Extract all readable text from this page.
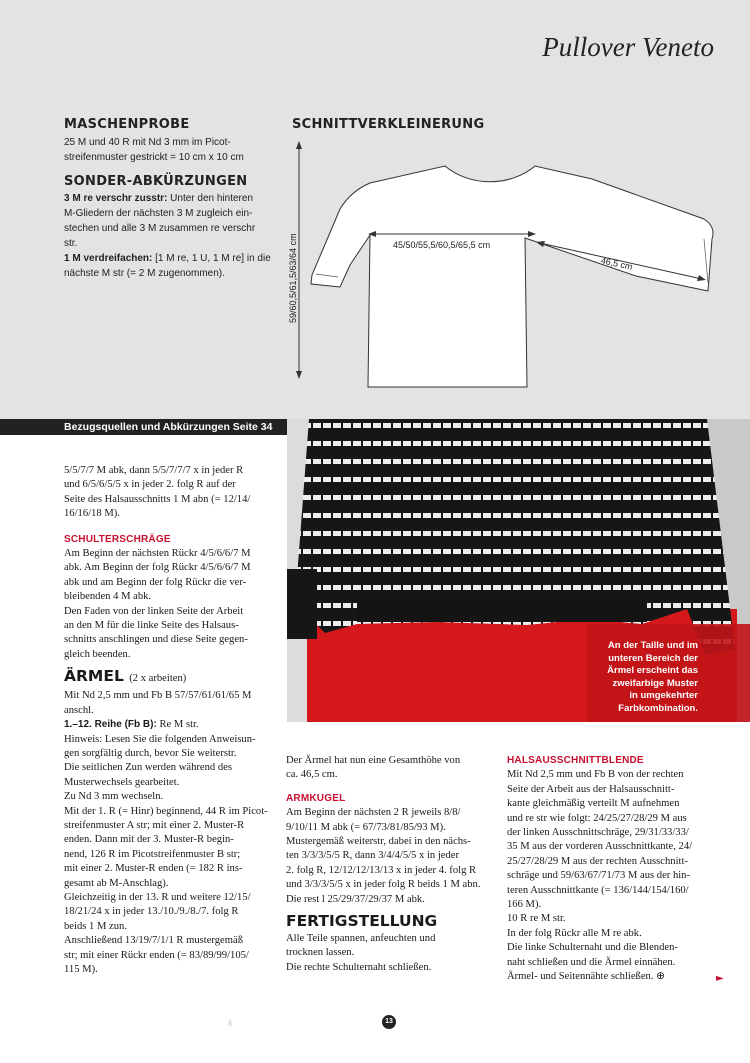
Pullover Veneto
MASCHENPROBE
25 M und 40 R mit Nd 3 mm im Picot-
streifenmuster gestrickt = 10 cm x 10 cm
SONDER-ABKÜRZUNGEN
3 M re verschr zusstr: Unter den hinteren
M-Gliedern der nächsten 3 M zugleich ein-
stechen und alle 3 M zusammen re verschr
str.
1 M verdreifachen: [1 M re, 1 U, 1 M re] in die
nächste M str (= 2 M zugenommen).
SCHNITTVERKLEINERUNG
45/50/55,5/60,5/65,5 cm
46,5 cm
59/60,5/61,5/63/64 cm
Bezugsquellen und Abkürzungen Seite 34
An der Taille und im
unteren Bereich der
Ärmel erscheint das
zweifarbige Muster
in umgekehrter
Farbkombination.

5/5/7/7 M abk, dann 5/5/7/7/7 x in jeder R

und 6/5/6/5/5 x in jeder 2. folg R auf der

Seite des Halsausschnitts 1 M abn (= 12/14/

16/16/18 M).

SCHULTERSCHRÄGE

Am Beginn der nächsten Rückr 4/5/6/6/7 M

abk. Am Beginn der folg Rückr 4/5/6/6/7 M

abk und am Beginn der folg Rückr die ver-

bleibenden 4 M abk.

Den Faden von der linken Seite der Arbeit

an den M für die linke Seite des Halsaus-

schnitts anschlingen und diese Seite gegen-

gleich beenden.

ÄRMEL (2 x arbeiten)

Mit Nd 2,5 mm und Fb B 57/57/61/61/65 M

anschl.

1.–12. Reihe (Fb B): Re M str.

Hinweis: Lesen Sie die folgenden Anweisun-

gen sorgfältig durch, bevor Sie weiterstr.

Die seitlichen Zun werden während des

Musterwechsels gearbeitet.

Zu Nd 3 mm wechseln.

Mit der 1. R (= Hinr) beginnend, 44 R im Picot-

streifenmuster A str; mit einer 2. Muster-R

enden. Dann mit der 3. Muster-R begin-

nend, 126 R im Picotstreifenmuster B str;

mit einer 2. Muster-R enden (= 182 R ins-

gesamt ab M-Anschlag).

Gleichzeitig in der 13. R und weitere 12/15/

18/21/24 x in jeder 13./10./9./8./7. folg R

beids 1 M zun.

Anschließend 13/19/7/1/1 R mustergemäß

str; mit einer Rückr enden (= 83/89/99/105/

115 M).

Der Ärmel hat nun eine Gesamthöhe von

ca. 46,5 cm.

ARMKUGEL

Am Beginn der nächsten 2 R jeweils 8/8/

9/10/11 M abk (= 67/73/81/85/93 M).

Mustergemäß weiterstr, dabei in den nächs-

ten 3/3/3/5/5 R, dann 3/4/4/5/5 x in jeder

2. folg R, 12/12/12/13/13 x in jeder 4. folg R

und 3/3/3/5/5 x in jeder folg R beids 1 M abn.

Die rest l 25/29/37/29/37 M abk.

FERTIGSTELLUNG

Alle Teile spannen, anfeuchten und

trocknen lassen.

Die rechte Schulternaht schließen.

HALSAUSSCHNITTBLENDE

Mit Nd 2,5 mm und Fb B von der rechten

Seite der Arbeit aus der Halsausschnitt-

kante gleichmäßig verteilt M aufnehmen

und re str wie folgt: 24/25/27/28/29 M aus

der linken Ausschnittschräge, 29/31/33/33/

35 M aus der vorderen Ausschnittkante, 24/

25/27/28/29 M aus der rechten Ausschnitt-

schräge und 59/63/67/71/73 M aus der hin-

teren Ausschnittkante (= 136/144/154/160/

166 M).

10 R re M str.

In der folg Rückr alle M re abk.

Die linke Schulternaht und die Blenden-

naht schließen und die Ärmel einnähen.

Ärmel- und Seitennähte schließen. ⊕	►
δ	13
